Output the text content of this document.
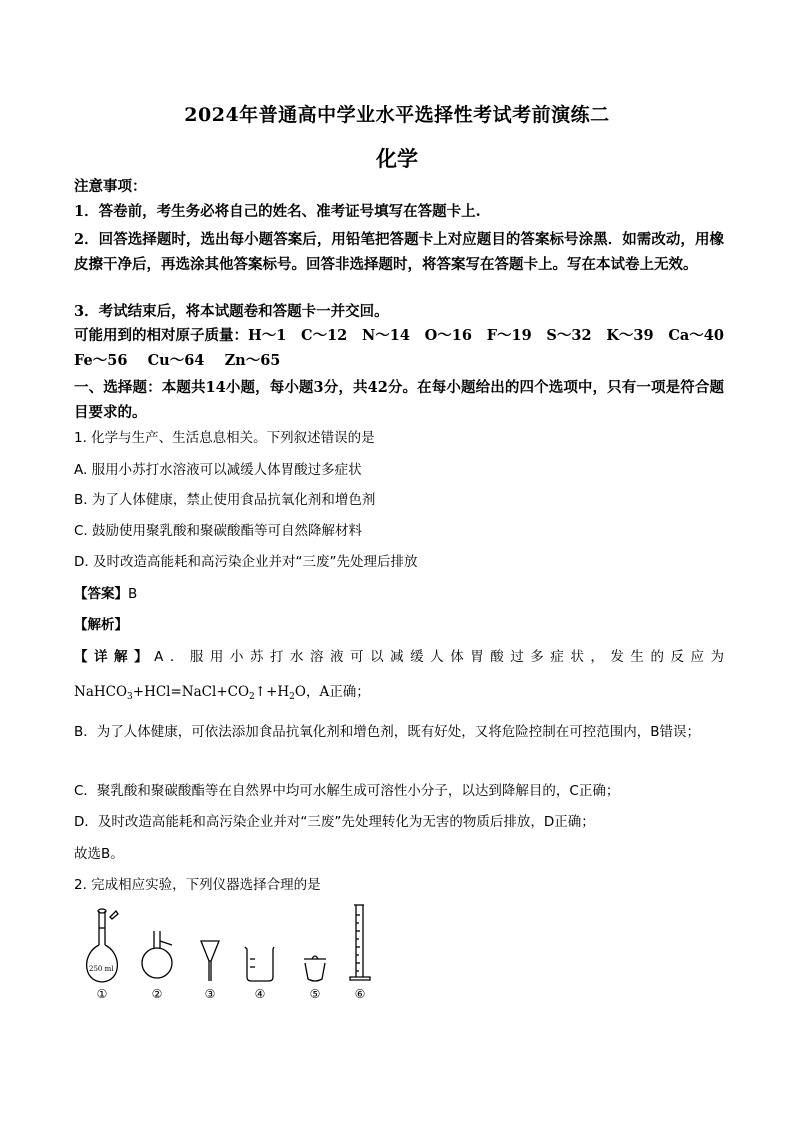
2024年普通高中学业水平选择性考试考前演练二
化学
注意事项：
1．答卷前，考生务必将自己的姓名、准考证号填写在答题卡上.
2．回答选择题时，选出每小题答案后，用铅笔把答题卡上对应题目的答案标号涂黑．如需改动，用橡皮擦干净后，再选涂其他答案标号。回答非选择题时，将答案写在答题卡上。写在本试卷上无效。
3．考试结束后，将本试题卷和答题卡一并交回。
可能用到的相对原子质量：H～1 C～12 N～14 O～16 F～19 S～32 K～39 Ca～40
Fe～56 Cu～64 Zn～65
一、选择题：本题共14小题，每小题3分，共42分。在每小题给出的四个选项中，只有一项是符合题目要求的。
1. 化学与生产、生活息息相关。下列叙述错误的是
A. 服用小苏打水溶液可以减缓人体胃酸过多症状
B. 为了人体健康，禁止使用食品抗氧化剂和增色剂
C. 鼓励使用聚乳酸和聚碳酸酯等可自然降解材料
D. 及时改造高能耗和高污染企业并对“三废”先处理后排放
【答案】B
【解析】
【详解】A．服用小苏打水溶液可以减缓人体胃酸过多症状，发生的反应为
$NaHCO_3+HCl=NaCl+CO_2↑+H_2O$，A正确；
B．为了人体健康，可依法添加食品抗氧化剂和增色剂，既有好处，又将危险控制在可控范围内，B错误；
C．聚乳酸和聚碳酸酯等在自然界中均可水解生成可溶性小分子，以达到降解目的，C正确；
D．及时改造高能耗和高污染企业并对“三废”先处理转化为无害的物质后排放，D正确；
故选B。
2. 完成相应实验，下列仪器选择合理的是
250 ml
①	②	③	④	⑤	⑥
